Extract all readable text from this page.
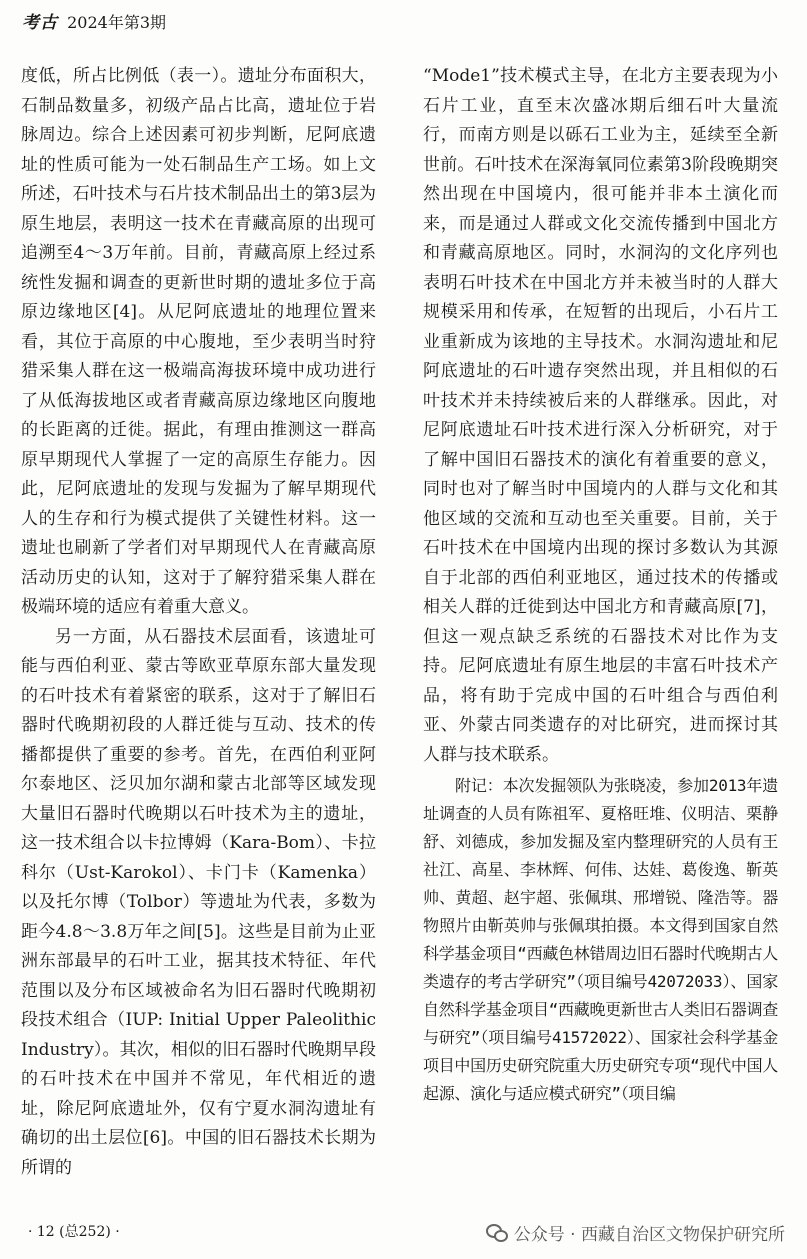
考古 2024年第3期

度低，所占比例低（表一）。遗址分布面积大，石制品数量多，初级产品占比高，遗址位于岩脉周边。综合上述因素可初步判断，尼阿底遗址的性质可能为一处石制品生产工场。如上文所述，石叶技术与石片技术制品出土的第3层为原生地层，表明这一技术在青藏高原的出现可追溯至4～3万年前。目前，青藏高原上经过系统性发掘和调查的更新世时期的遗址多位于高原边缘地区[4]。从尼阿底遗址的地理位置来看，其位于高原的中心腹地，至少表明当时狩猎采集人群在这一极端高海拔环境中成功进行了从低海拔地区或者青藏高原边缘地区向腹地的长距离的迁徙。据此，有理由推测这一群高原早期现代人掌握了一定的高原生存能力。因此，尼阿底遗址的发现与发掘为了解早期现代人的生存和行为模式提供了关键性材料。这一遗址也刷新了学者们对早期现代人在青藏高原活动历史的认知，这对于了解狩猎采集人群在极端环境的适应有着重大意义。

另一方面，从石器技术层面看，该遗址可能与西伯利亚、蒙古等欧亚草原东部大量发现的石叶技术有着紧密的联系，这对于了解旧石器时代晚期初段的人群迁徙与互动、技术的传播都提供了重要的参考。首先，在西伯利亚阿尔泰地区、泛贝加尔湖和蒙古北部等区域发现大量旧石器时代晚期以石叶技术为主的遗址，这一技术组合以卡拉博姆（Kara-Bom）、卡拉科尔（Ust-Karokol）、卡门卡（Kamenka）以及托尔博（Tolbor）等遗址为代表，多数为距今4.8～3.8万年之间[5]。这些是目前为止亚洲东部最早的石叶工业，据其技术特征、年代范围以及分布区域被命名为旧石器时代晚期初段技术组合（IUP: Initial Upper Paleolithic Industry）。其次，相似的旧石器时代晚期早段的石叶技术在中国并不常见，年代相近的遗址，除尼阿底遗址外，仅有宁夏水洞沟遗址有确切的出土层位[6]。中国的旧石器技术长期为所谓的

“Mode1”技术模式主导，在北方主要表现为小石片工业，直至末次盛冰期后细石叶大量流行，而南方则是以砾石工业为主，延续至全新世前。石叶技术在深海氧同位素第3阶段晚期突然出现在中国境内，很可能并非本土演化而来，而是通过人群或文化交流传播到中国北方和青藏高原地区。同时，水洞沟的文化序列也表明石叶技术在中国北方并未被当时的人群大规模采用和传承，在短暂的出现后，小石片工业重新成为该地的主导技术。水洞沟遗址和尼阿底遗址的石叶遗存突然出现，并且相似的石叶技术并未持续被后来的人群继承。因此，对尼阿底遗址石叶技术进行深入分析研究，对于了解中国旧石器技术的演化有着重要的意义，同时也对了解当时中国境内的人群与文化和其他区域的交流和互动也至关重要。目前，关于石叶技术在中国境内出现的探讨多数认为其源自于北部的西伯利亚地区，通过技术的传播或相关人群的迁徙到达中国北方和青藏高原[7]，但这一观点缺乏系统的石器技术对比作为支持。尼阿底遗址有原生地层的丰富石叶技术产品，将有助于完成中国的石叶组合与西伯利亚、外蒙古同类遗存的对比研究，进而探讨其人群与技术联系。

附记：本次发掘领队为张晓凌，参加2013年遗址调查的人员有陈祖军、夏格旺堆、仪明洁、栗静舒、刘德成，参加发掘及室内整理研究的人员有王社江、高星、李林辉、何伟、达娃、葛俊逸、靳英帅、黄超、赵宇超、张佩琪、邢增锐、隆浩等。器物照片由靳英帅与张佩琪拍摄。本文得到国家自然科学基金项目“西藏色林错周边旧石器时代晚期古人类遗存的考古学研究”（项目编号42072033）、国家自然科学基金项目“西藏晚更新世古人类旧石器调查与研究”（项目编号41572022）、国家社会科学基金项目中国历史研究院重大历史研究专项“现代中国人起源、演化与适应模式研究”（项目编

· 12 (总252) ·	公众号 · 西藏自治区文物保护研究所
